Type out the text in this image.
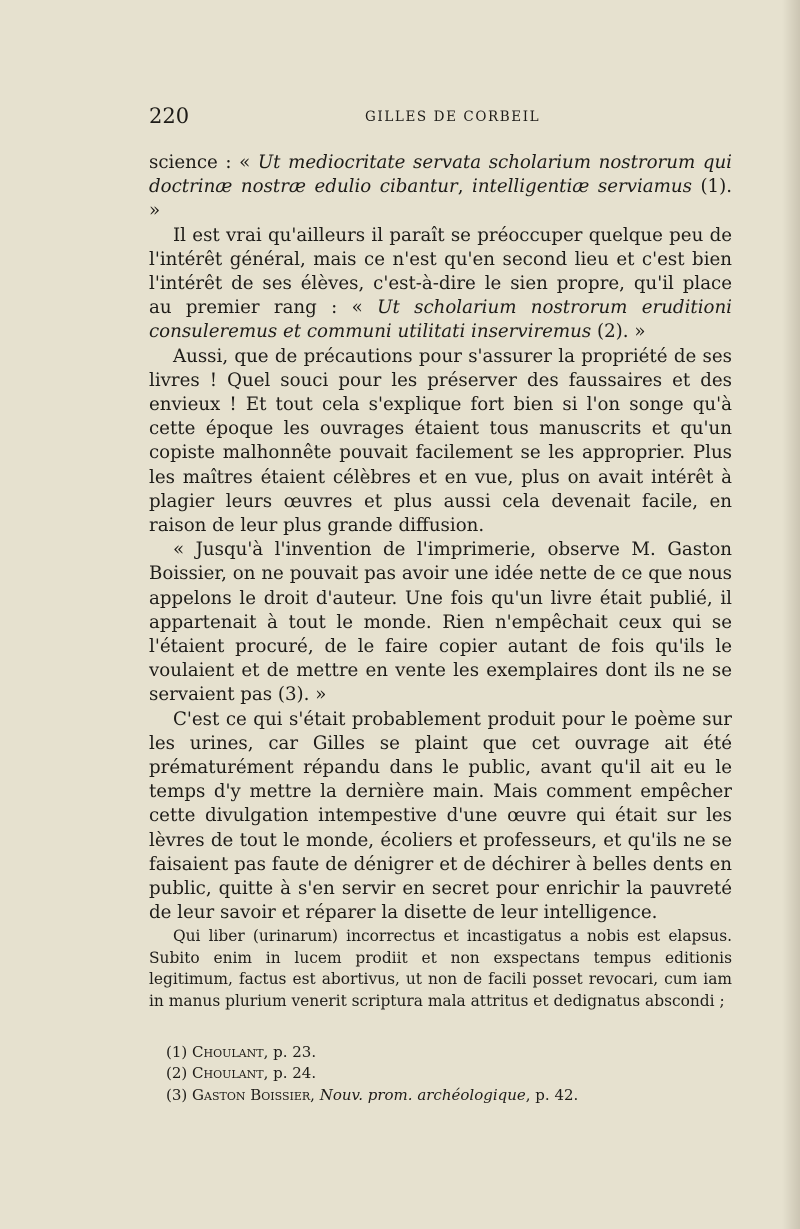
220	GILLES DE CORBEIL

science : « Ut mediocritate servata scholarium nostrorum qui doctrinæ nostræ edulio cibantur, intelligentiæ serviamus (1). »

Il est vrai qu'ailleurs il paraît se préoccuper quelque peu de l'intérêt général, mais ce n'est qu'en second lieu et c'est bien l'intérêt de ses élèves, c'est-à-dire le sien propre, qu'il place au premier rang : « Ut scholarium nostrorum eruditioni consuleremus et communi utilitati inserviremus (2). »

Aussi, que de précautions pour s'assurer la propriété de ses livres ! Quel souci pour les préserver des faussaires et des envieux ! Et tout cela s'explique fort bien si l'on songe qu'à cette époque les ouvrages étaient tous manuscrits et qu'un copiste malhonnête pouvait facilement se les approprier. Plus les maîtres étaient célèbres et en vue, plus on avait intérêt à plagier leurs œuvres et plus aussi cela devenait facile, en raison de leur plus grande diffusion.

« Jusqu'à l'invention de l'imprimerie, observe M. Gaston Boissier, on ne pouvait pas avoir une idée nette de ce que nous appelons le droit d'auteur. Une fois qu'un livre était publié, il appartenait à tout le monde. Rien n'empêchait ceux qui se l'étaient procuré, de le faire copier autant de fois qu'ils le voulaient et de mettre en vente les exemplaires dont ils ne se servaient pas (3). »

C'est ce qui s'était probablement produit pour le poème sur les urines, car Gilles se plaint que cet ouvrage ait été prématurément répandu dans le public, avant qu'il ait eu le temps d'y mettre la dernière main. Mais comment empêcher cette divulgation intempestive d'une œuvre qui était sur les lèvres de tout le monde, écoliers et professeurs, et qu'ils ne se faisaient pas faute de dénigrer et de déchirer à belles dents en public, quitte à s'en servir en secret pour enrichir la pauvreté de leur savoir et réparer la disette de leur intelligence.

Qui liber (urinarum) incorrectus et incastigatus a nobis est elapsus. Subito enim in lucem prodiit et non exspectans tempus editionis legitimum, factus est abortivus, ut non de facili posset revocari, cum iam in manus plurium venerit scriptura mala attritus et dedignatus abscondi ;
(1) Choulant, p. 23.
(2) Choulant, p. 24.
(3) Gaston Boissier, Nouv. prom. archéologique, p. 42.
